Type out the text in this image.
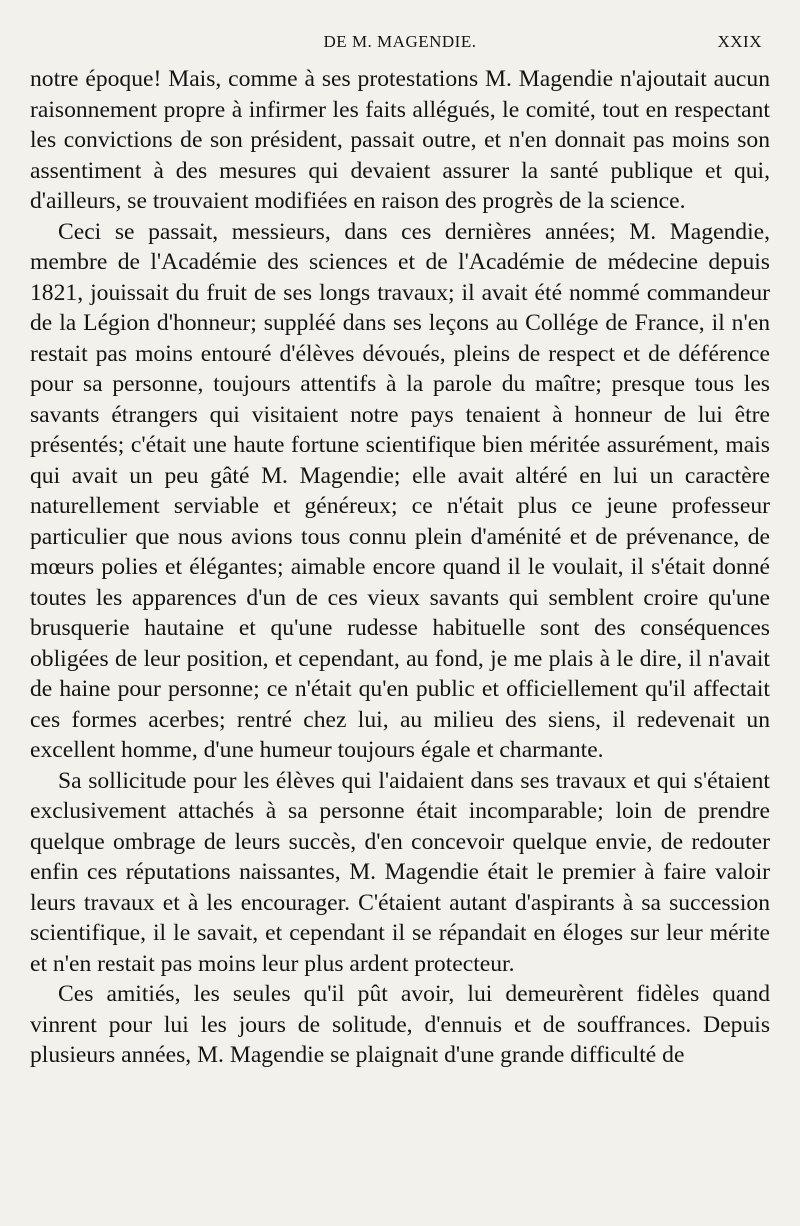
DE M. MAGENDIE.	XXIX

notre époque! Mais, comme à ses protestations M. Magendie n'ajoutait aucun raisonnement propre à infirmer les faits allégués, le comité, tout en respectant les convictions de son président, passait outre, et n'en donnait pas moins son assentiment à des mesures qui devaient assurer la santé publique et qui, d'ailleurs, se trouvaient modifiées en raison des progrès de la science.

Ceci se passait, messieurs, dans ces dernières années; M. Magendie, membre de l'Académie des sciences et de l'Académie de médecine depuis 1821, jouissait du fruit de ses longs travaux; il avait été nommé commandeur de la Légion d'honneur; suppléé dans ses leçons au Collége de France, il n'en restait pas moins entouré d'élèves dévoués, pleins de respect et de déférence pour sa personne, toujours attentifs à la parole du maître; presque tous les savants étrangers qui visitaient notre pays tenaient à honneur de lui être présentés; c'était une haute fortune scientifique bien méritée assurément, mais qui avait un peu gâté M. Magendie; elle avait altéré en lui un caractère naturellement serviable et généreux; ce n'était plus ce jeune professeur particulier que nous avions tous connu plein d'aménité et de prévenance, de mœurs polies et élégantes; aimable encore quand il le voulait, il s'était donné toutes les apparences d'un de ces vieux savants qui semblent croire qu'une brusquerie hautaine et qu'une rudesse habituelle sont des conséquences obligées de leur position, et cependant, au fond, je me plais à le dire, il n'avait de haine pour personne; ce n'était qu'en public et officiellement qu'il affectait ces formes acerbes; rentré chez lui, au milieu des siens, il redevenait un excellent homme, d'une humeur toujours égale et charmante.

Sa sollicitude pour les élèves qui l'aidaient dans ses travaux et qui s'étaient exclusivement attachés à sa personne était incomparable; loin de prendre quelque ombrage de leurs succès, d'en concevoir quelque envie, de redouter enfin ces réputations naissantes, M. Magendie était le premier à faire valoir leurs travaux et à les encourager. C'étaient autant d'aspirants à sa succession scientifique, il le savait, et cependant il se répandait en éloges sur leur mérite et n'en restait pas moins leur plus ardent protecteur.

Ces amitiés, les seules qu'il pût avoir, lui demeurèrent fidèles quand vinrent pour lui les jours de solitude, d'ennuis et de souffrances. Depuis plusieurs années, M. Magendie se plaignait d'une grande difficulté de
